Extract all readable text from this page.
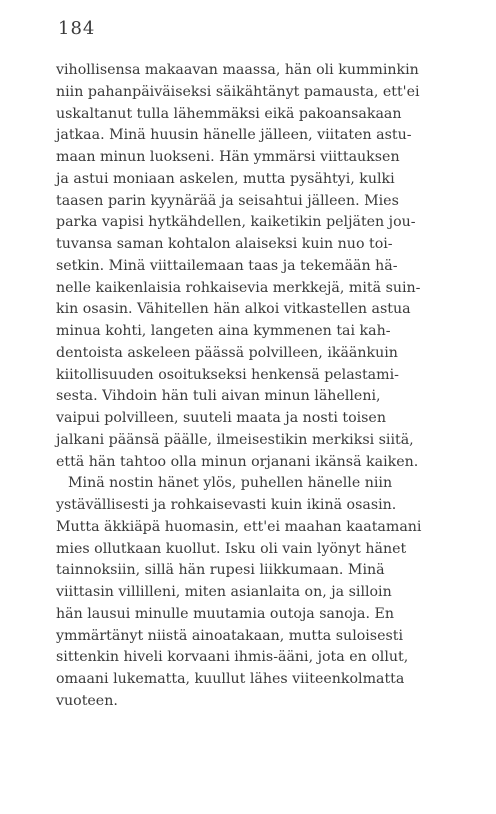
184
vihollisensa makaavan maassa, hän oli kumminkin
niin pahanpäiväiseksi säikähtänyt pamausta, ett'ei
uskaltanut tulla lähemmäksi eikä pakoansakaan
jatkaa. Minä huusin hänelle jälleen, viitaten astu-
maan minun luokseni. Hän ymmärsi viittauksen
ja astui moniaan askelen, mutta pysähtyi, kulki
taasen parin kyynärää ja seisahtui jälleen. Mies
parka vapisi hytkähdellen, kaiketikin peljäten jou-
tuvansa saman kohtalon alaiseksi kuin nuo toi-
setkin. Minä viittailemaan taas ja tekemään hä-
nelle kaikenlaisia rohkaisevia merkkejä, mitä suin-
kin osasin. Vähitellen hän alkoi vitkastellen astua
minua kohti, langeten aina kymmenen tai kah-
dentoista askeleen päässä polvilleen, ikäänkuin
kiitollisuuden osoitukseksi henkensä pelastami-
sesta. Vihdoin hän tuli aivan minun lähelleni,
vaipui polvilleen, suuteli maata ja nosti toisen
jalkani päänsä päälle, ilmeisestikin merkiksi siitä,
että hän tahtoo olla minun orjanani ikänsä kaiken.
Minä nostin hänet ylös, puhellen hänelle niin
ystävällisesti ja rohkaisevasti kuin ikinä osasin.
Mutta äkkiäpä huomasin, ett'ei maahan kaatamani
mies ollutkaan kuollut. Isku oli vain lyönyt hänet
tainnoksiin, sillä hän rupesi liikkumaan. Minä
viittasin villilleni, miten asianlaita on, ja silloin
hän lausui minulle muutamia outoja sanoja. En
ymmärtänyt niistä ainoatakaan, mutta suloisesti
sittenkin hiveli korvaani ihmis-ääni, jota en ollut,
omaani lukematta, kuullut lähes viiteenkolmatta
vuoteen.
